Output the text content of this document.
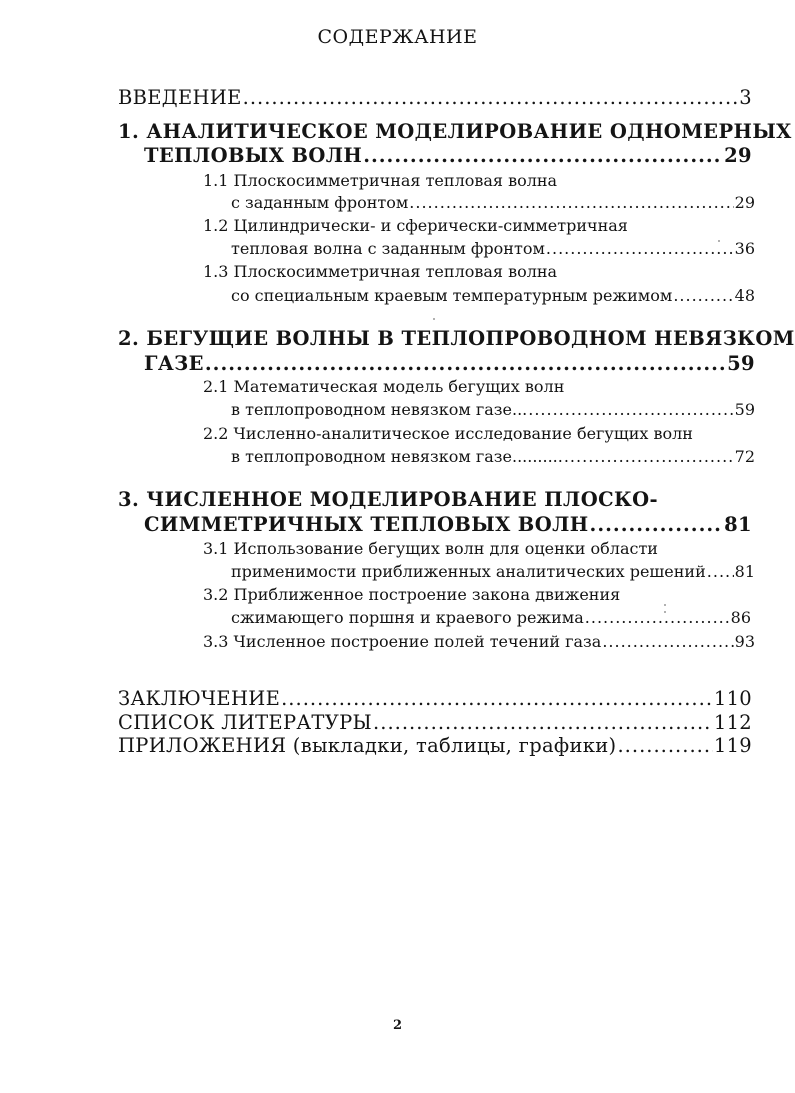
СОДЕРЖАНИЕ
ВВЕДЕНИЕ .....	3
1. АНАЛИТИЧЕСКОЕ МОДЕЛИРОВАНИЕ ОДНОМЕРНЫХ
ТЕПЛОВЫХ ВОЛН .....	29
1.1 Плоскосимметричная тепловая волна
с заданным фронтом .....	29
1.2 Цилиндрически- и сферически-симметричная
тепловая волна с заданным фронтом .....	36
1.3 Плоскосимметричная тепловая волна
со специальным краевым температурным режимом .....	48
2. БЕГУЩИЕ ВОЛНЫ В ТЕПЛОПРОВОДНОМ НЕВЯЗКОМ
ГАЗЕ .....	59
2.1 Математическая модель бегущих волн
в теплопроводном невязком газе... .....	59
2.2 Численно-аналитическое исследование бегущих волн
в теплопроводном невязком газе.......... .....	72
3. ЧИСЛЕННОЕ МОДЕЛИРОВАНИЕ ПЛОСКО-
СИММЕТРИЧНЫХ ТЕПЛОВЫХ ВОЛН .....	81
3.1 Использование бегущих волн для оценки области
применимости приближенных аналитических решений ..... 81
3.2 Приближенное построение закона движения
сжимающего поршня и краевого режима .....	86
3.3 Численное построение полей течений газа .....	93
ЗАКЛЮЧЕНИЕ .....	110
СПИСОК ЛИТЕРАТУРЫ .....	112
ПРИЛОЖЕНИЯ (выкладки, таблицы, графики) .....	119
2
